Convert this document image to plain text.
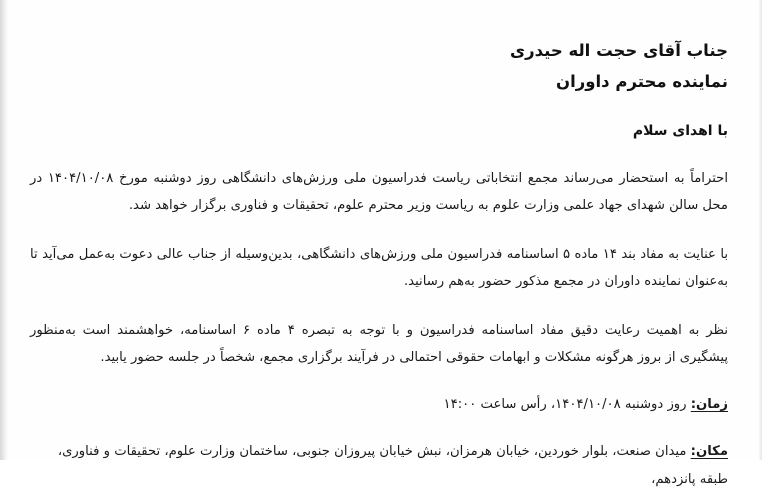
جناب آقای حجت اله حیدری
نماینده محترم داوران
با اهدای سلام

احتراماً به استحضار می‌رساند مجمع انتخاباتی ریاست فدراسیون ملی ورزش‌های دانشگاهی روز دوشنبه مورخ ۱۴۰۴/۱۰/۰۸ در محل سالن شهدای جهاد علمی وزارت علوم به ریاست وزیر محترم علوم، تحقیقات و فناوری برگزار خواهد شد.

با عنایت به مفاد بند ۱۴ ماده ۵ اساسنامه فدراسیون ملی ورزش‌های دانشگاهی، بدین‌وسیله از جناب عالی دعوت به‌عمل می‌آید تا به‌عنوان نماینده داوران در مجمع مذکور حضور به‌هم رسانید.

نظر به اهمیت رعایت دقیق مفاد اساسنامه فدراسیون و با توجه به تبصره ۴ ماده ۶ اساسنامه، خواهشمند است به‌منظور پیشگیری از بروز هرگونه مشکلات و ابهامات حقوقی احتمالی در فرآیند برگزاری مجمع، شخصاً در جلسه حضور یابید.

زمان: روز دوشنبه ۱۴۰۴/۱۰/۰۸، رأس ساعت ۱۴:۰۰
مکان: میدان صنعت، بلوار خوردین، خیابان هرمزان، نبش خیابان پیروزان جنوبی، ساختمان وزارت علوم، تحقیقات و فناوری، طبقه پانزدهم،
